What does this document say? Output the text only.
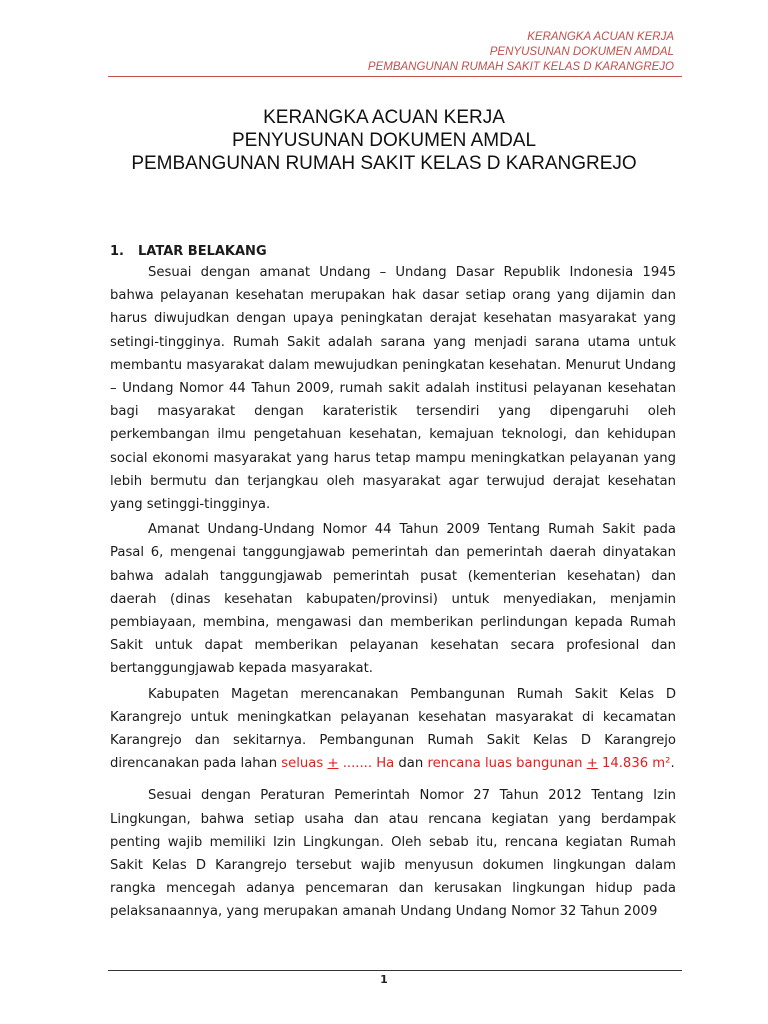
KERANGKA ACUAN KERJA
PENYUSUNAN DOKUMEN AMDAL
PEMBANGUNAN RUMAH SAKIT KELAS D KARANGREJO
KERANGKA ACUAN KERJA
PENYUSUNAN DOKUMEN AMDAL
PEMBANGUNAN RUMAH SAKIT KELAS D KARANGREJO
1. LATAR BELAKANG

Sesuai dengan amanat Undang – Undang Dasar Republik Indonesia 1945 bahwa pelayanan kesehatan merupakan hak dasar setiap orang yang dijamin dan harus diwujudkan dengan upaya peningkatan derajat kesehatan masyarakat yang setingi-tingginya. Rumah Sakit adalah sarana yang menjadi sarana utama untuk membantu masyarakat dalam mewujudkan peningkatan kesehatan. Menurut Undang – Undang Nomor 44 Tahun 2009, rumah sakit adalah institusi pelayanan kesehatan bagi masyarakat dengan karateristik tersendiri yang dipengaruhi oleh perkembangan ilmu pengetahuan kesehatan, kemajuan teknologi, dan kehidupan social ekonomi masyarakat yang harus tetap mampu meningkatkan pelayanan yang lebih bermutu dan terjangkau oleh masyarakat agar terwujud derajat kesehatan yang setinggi-tingginya.

Amanat Undang-Undang Nomor 44 Tahun 2009 Tentang Rumah Sakit pada Pasal 6, mengenai tanggungjawab pemerintah dan pemerintah daerah dinyatakan bahwa adalah tanggungjawab pemerintah pusat (kementerian kesehatan) dan daerah (dinas kesehatan kabupaten/provinsi) untuk menyediakan, menjamin pembiayaan, membina, mengawasi dan memberikan perlindungan kepada Rumah Sakit untuk dapat memberikan pelayanan kesehatan secara profesional dan bertanggungjawab kepada masyarakat.

Kabupaten Magetan merencanakan Pembangunan Rumah Sakit Kelas D Karangrejo untuk meningkatkan pelayanan kesehatan masyarakat di kecamatan Karangrejo dan sekitarnya. Pembangunan Rumah Sakit Kelas D Karangrejo direncanakan pada lahan seluas + ....... Ha dan rencana luas bangunan + 14.836 m².

Sesuai dengan Peraturan Pemerintah Nomor 27 Tahun 2012 Tentang Izin Lingkungan, bahwa setiap usaha dan atau rencana kegiatan yang berdampak penting wajib memiliki Izin Lingkungan. Oleh sebab itu, rencana kegiatan Rumah Sakit Kelas D Karangrejo tersebut wajib menyusun dokumen lingkungan dalam rangka mencegah adanya pencemaran dan kerusakan lingkungan hidup pada pelaksanaannya, yang merupakan amanah Undang Undang Nomor 32 Tahun 2009

1
